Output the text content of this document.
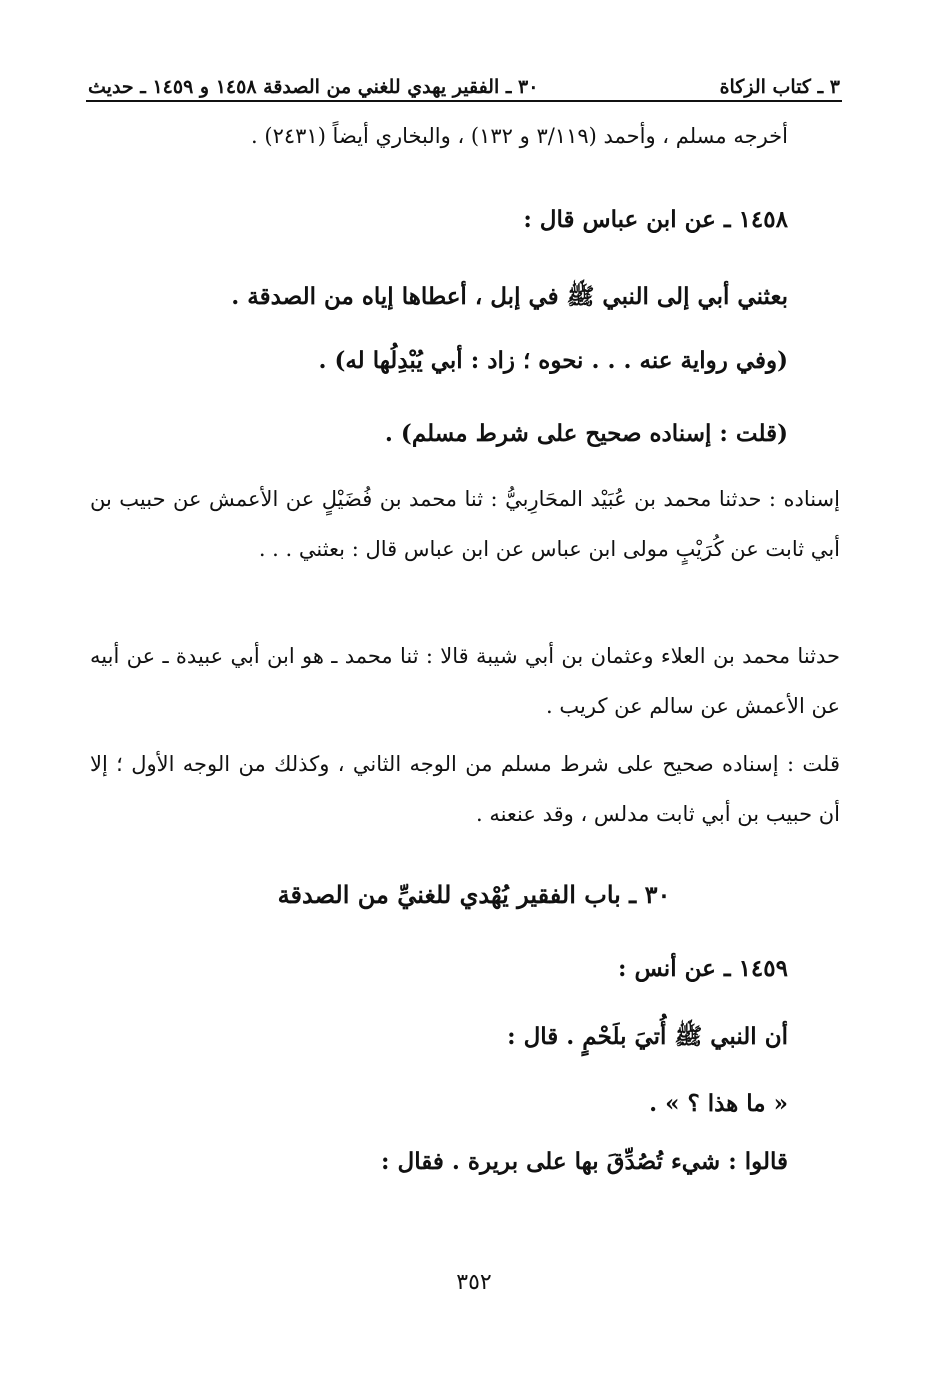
٣ ـ كتاب الزكاة
٣٠ ـ الفقير يهدي للغني من الصدقة ١٤٥٨ و ١٤٥٩ ـ حديث
أخرجه مسلم ، وأحمد (٣/١١٩ و ١٣٢) ، والبخاري أيضاً (٢٤٣١) .
١٤٥٨ ـ عن ابن عباس قال :
بعثني أبي إلى النبي ﷺ في إبل ، أعطاها إياه من الصدقة .
(وفي رواية عنه . . . نحوه ؛ زاد : أبي يُبْدِلُها له) .
(قلت : إسناده صحيح على شرط مسلم) .
إسناده : حدثنا محمد بن عُبَيْد المحَارِبيُّ : ثنا محمد بن فُضَيْلٍ عن الأعمش عن حبيب بن أبي ثابت عن كُرَيْبٍ مولى ابن عباس عن ابن عباس قال : بعثني . . .
حدثنا محمد بن العلاء وعثمان بن أبي شيبة قالا : ثنا محمد ـ هو ابن أبي عبيدة ـ عن أبيه عن الأعمش عن سالم عن كريب .
قلت : إسناده صحيح على شرط مسلم من الوجه الثاني ، وكذلك من الوجه الأول ؛ إلا أن حبيب بن أبي ثابت مدلس ، وقد عنعنه .
٣٠ ـ باب الفقير يُهْدي للغنيِّ من الصدقة
١٤٥٩ ـ عن أنس :
أن النبي ﷺ أُتيَ بلَحْمٍ . قال :
« ما هذا ؟ » .
قالوا : شيء تُصُدِّقَ بها على بريرة . فقال :
٣٥٢
